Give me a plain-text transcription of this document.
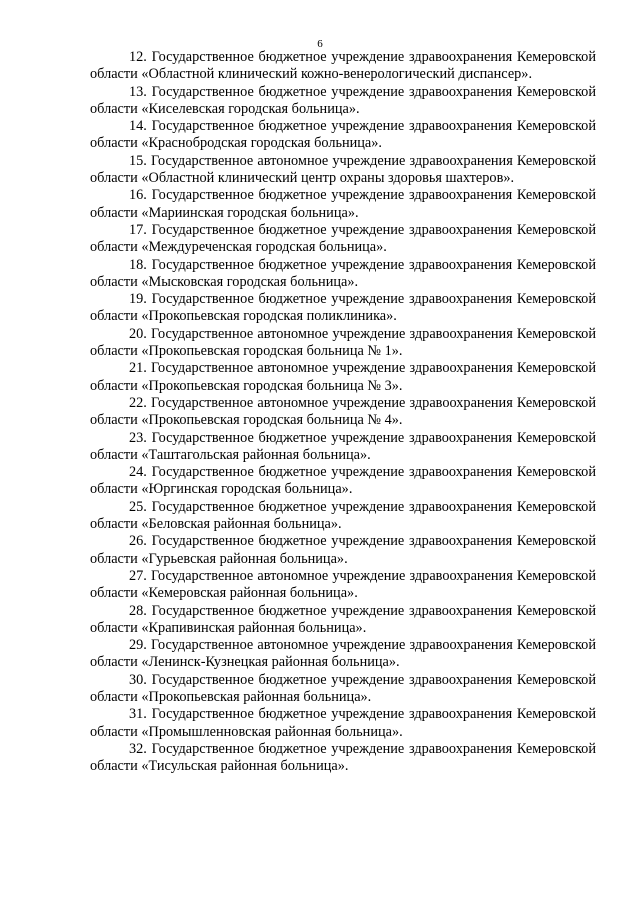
6

12. Государственное бюджетное учреждение здравоохранения Кемеровской области «Областной клинический кожно-венерологический диспансер».

13. Государственное бюджетное учреждение здравоохранения Кемеровской области «Киселевская городская больница».

14. Государственное бюджетное учреждение здравоохранения Кемеровской области «Краснобродская городская больница».

15. Государственное автономное учреждение здравоохранения Кемеровской области «Областной клинический центр охраны здоровья шахтеров».

16. Государственное бюджетное учреждение здравоохранения Кемеровской области «Мариинская городская больница».

17. Государственное бюджетное учреждение здравоохранения Кемеровской области «Междуреченская городская больница».

18. Государственное бюджетное учреждение здравоохранения Кемеровской области «Мысковская городская больница».

19. Государственное бюджетное учреждение здравоохранения Кемеровской области «Прокопьевская городская поликлиника».

20. Государственное автономное учреждение здравоохранения Кемеровской области «Прокопьевская городская больница № 1».

21. Государственное автономное учреждение здравоохранения Кемеровской области «Прокопьевская городская больница № 3».

22. Государственное автономное учреждение здравоохранения Кемеровской области «Прокопьевская городская больница № 4».

23. Государственное бюджетное учреждение здравоохранения Кемеровской области «Таштагольская районная больница».

24. Государственное бюджетное учреждение здравоохранения Кемеровской области «Юргинская городская больница».

25. Государственное бюджетное учреждение здравоохранения Кемеровской области «Беловская районная больница».

26. Государственное бюджетное учреждение здравоохранения Кемеровской области «Гурьевская районная больница».

27. Государственное автономное учреждение здравоохранения Кемеровской области «Кемеровская районная больница».

28. Государственное бюджетное учреждение здравоохранения Кемеровской области «Крапивинская районная больница».

29. Государственное автономное учреждение здравоохранения Кемеровской области «Ленинск-Кузнецкая районная больница».

30. Государственное бюджетное учреждение здравоохранения Кемеровской области «Прокопьевская районная больница».

31. Государственное бюджетное учреждение здравоохранения Кемеровской области «Промышленновская районная больница».

32. Государственное бюджетное учреждение здравоохранения Кемеровской области «Тисульская районная больница».
